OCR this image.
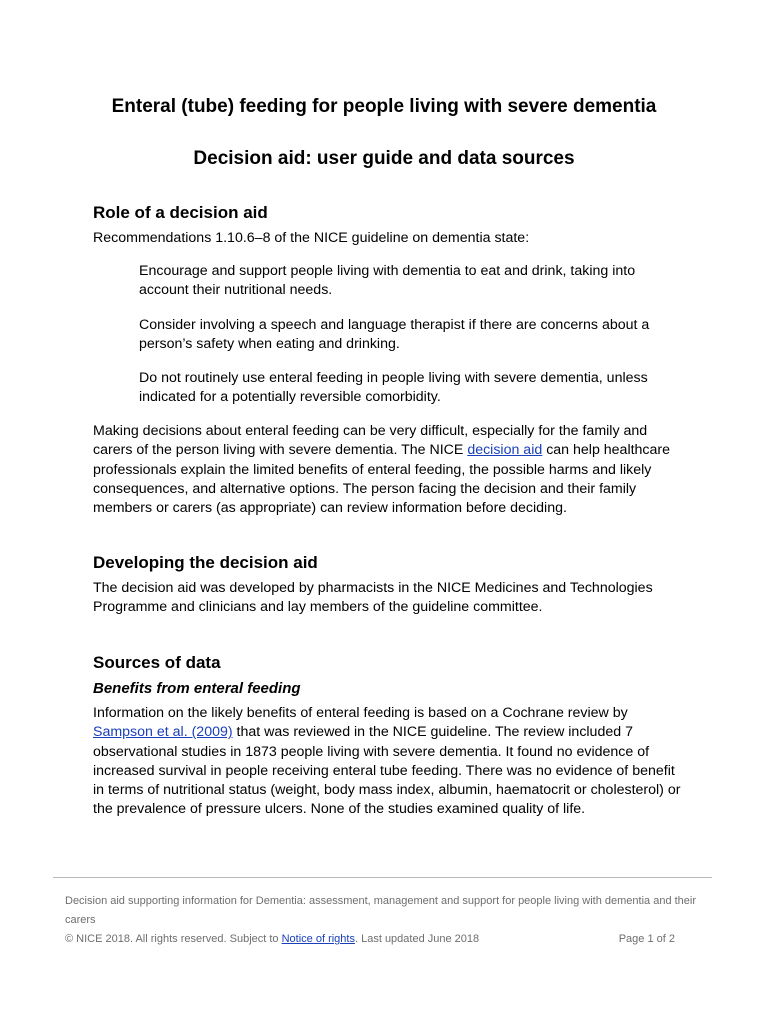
Enteral (tube) feeding for people living with severe dementia
Decision aid: user guide and data sources
Role of a decision aid

Recommendations 1.10.6–8 of the NICE guideline on dementia state:

Encourage and support people living with dementia to eat and drink, taking into account their nutritional needs.

Consider involving a speech and language therapist if there are concerns about a person’s safety when eating and drinking.

Do not routinely use enteral feeding in people living with severe dementia, unless indicated for a potentially reversible comorbidity.

Making decisions about enteral feeding can be very difficult, especially for the family and carers of the person living with severe dementia. The NICE decision aid can help healthcare professionals explain the limited benefits of enteral feeding, the possible harms and likely consequences, and alternative options. The person facing the decision and their family members or carers (as appropriate) can review information before deciding.

Developing the decision aid

The decision aid was developed by pharmacists in the NICE Medicines and Technologies Programme and clinicians and lay members of the guideline committee.

Sources of data
Benefits from enteral feeding

Information on the likely benefits of enteral feeding is based on a Cochrane review by Sampson et al. (2009) that was reviewed in the NICE guideline. The review included 7 observational studies in 1873 people living with severe dementia. It found no evidence of increased survival in people receiving enteral tube feeding. There was no evidence of benefit in terms of nutritional status (weight, body mass index, albumin, haematocrit or cholesterol) or the prevalence of pressure ulcers. None of the studies examined quality of life.

Decision aid supporting information for Dementia: assessment, management and support for people living with dementia and their carers

© NICE 2018. All rights reserved. Subject to Notice of rights. Last updated June 2018	Page 1 of 2
